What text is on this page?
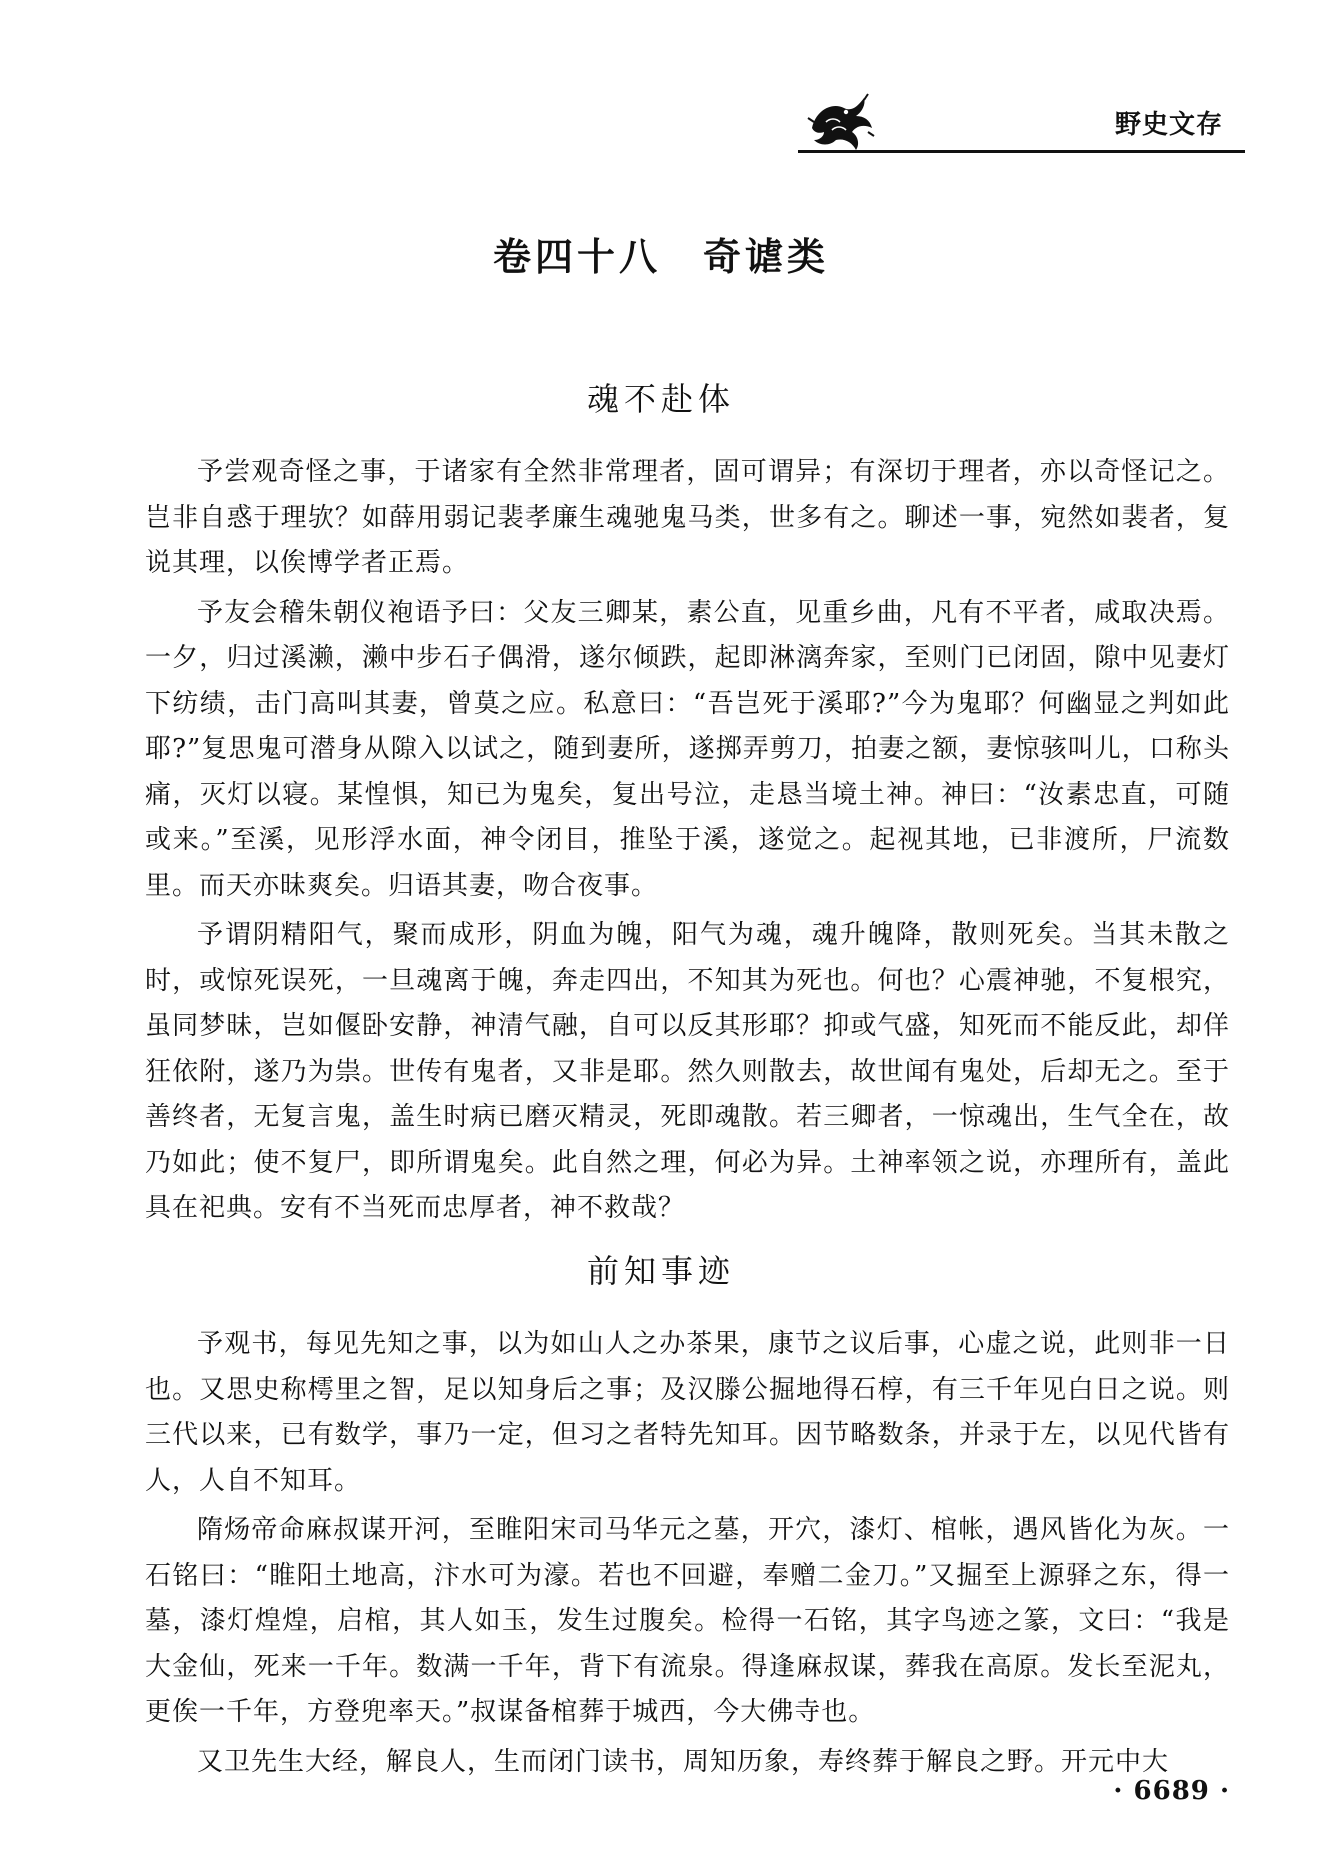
野史文存
卷四十八　奇谑类
魂不赴体

予尝观奇怪之事，于诸家有全然非常理者，固可谓异；有深切于理者，亦以奇怪记之。岂非自惑于理欤？如薛用弱记裴孝廉生魂驰鬼马类，世多有之。聊述一事，宛然如裴者，复说其理，以俟博学者正焉。

予友会稽朱朝仪袍语予曰：父友三卿某，素公直，见重乡曲，凡有不平者，咸取决焉。一夕，归过溪濑，濑中步石子偶滑，遂尔倾跌，起即淋漓奔家，至则门已闭固，隙中见妻灯下纺绩，击门高叫其妻，曾莫之应。私意曰：“吾岂死于溪耶?”今为鬼耶？何幽显之判如此耶?”复思鬼可潜身从隙入以试之，随到妻所，遂掷弄剪刀，拍妻之额，妻惊骇叫儿，口称头痛，灭灯以寝。某惶惧，知已为鬼矣，复出号泣，走恳当境土神。神曰：“汝素忠直，可随或来。”至溪，见形浮水面，神令闭目，推坠于溪，遂觉之。起视其地，已非渡所，尸流数里。而天亦昧爽矣。归语其妻，吻合夜事。

予谓阴精阳气，聚而成形，阴血为魄，阳气为魂，魂升魄降，散则死矣。当其未散之时，或惊死误死，一旦魂离于魄，奔走四出，不知其为死也。何也？心震神驰，不复根究，虽同梦昧，岂如偃卧安静，神清气融，自可以反其形耶？抑或气盛，知死而不能反此，却佯狂依附，遂乃为祟。世传有鬼者，又非是耶。然久则散去，故世闻有鬼处，后却无之。至于善终者，无复言鬼，盖生时病已磨灭精灵，死即魂散。若三卿者，一惊魂出，生气全在，故乃如此；使不复尸，即所谓鬼矣。此自然之理，何必为异。土神率领之说，亦理所有，盖此具在祀典。安有不当死而忠厚者，神不救哉？

前知事迹

予观书，每见先知之事，以为如山人之办茶果，康节之议后事，心虚之说，此则非一日也。又思史称樗里之智，足以知身后之事；及汉滕公掘地得石椁，有三千年见白日之说。则三代以来，已有数学，事乃一定，但习之者特先知耳。因节略数条，并录于左，以见代皆有人，人自不知耳。

隋炀帝命麻叔谋开河，至睢阳宋司马华元之墓，开穴，漆灯、棺帐，遇风皆化为灰。一石铭曰：“睢阳土地高，汴水可为濠。若也不回避，奉赠二金刀。”又掘至上源驿之东，得一墓，漆灯煌煌，启棺，其人如玉，发生过腹矣。检得一石铭，其字鸟迹之篆，文曰：“我是大金仙，死来一千年。数满一千年，背下有流泉。得逢麻叔谋，葬我在高原。发长至泥丸，更俟一千年，方登兜率天。”叔谋备棺葬于城西，今大佛寺也。

又卫先生大经，解良人，生而闭门读书，周知历象，寿终葬于解良之野。开元中大

· 6689 ·
